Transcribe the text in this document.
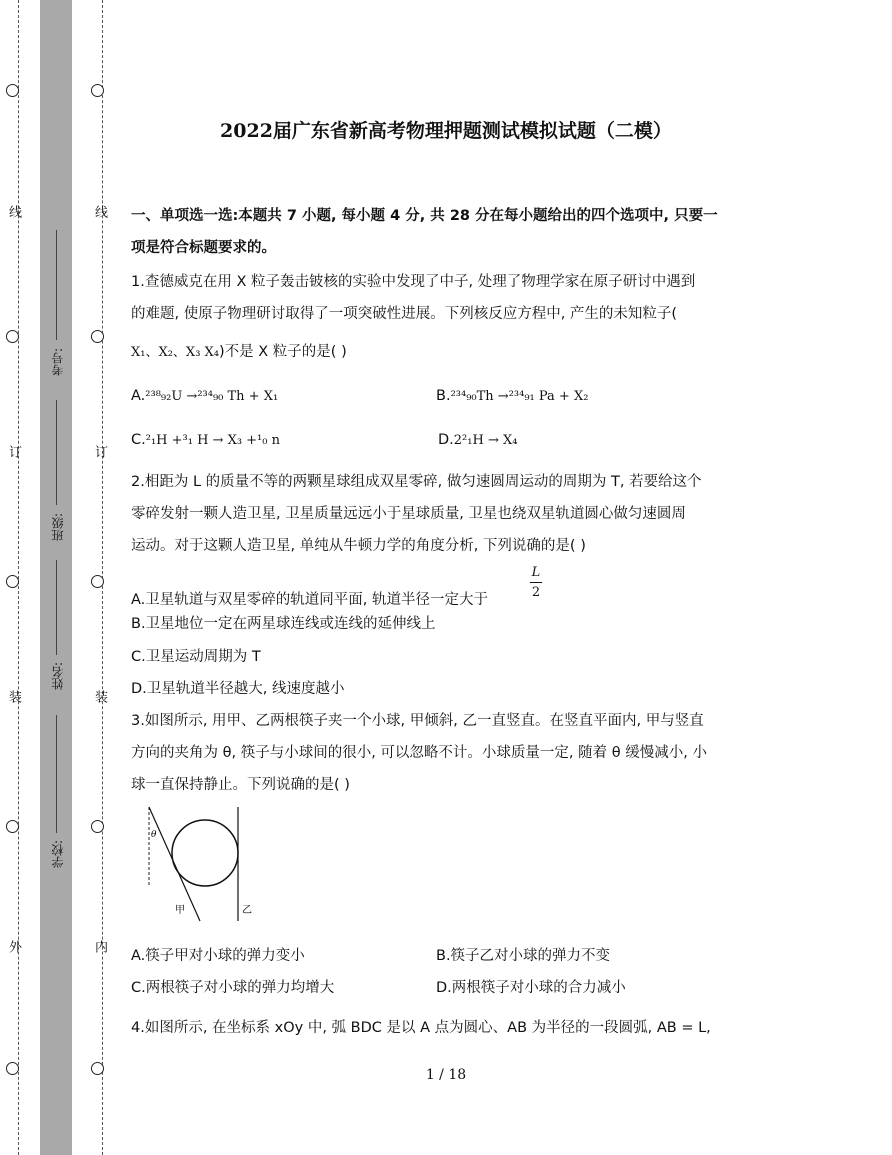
线
订
装
外
线
订
装
内
考号:
班级:
姓名:
学校:
2022届广东省新高考物理押题测试模拟试题（二模）

一、单项选一选:本题共 7 小题, 每小题 4 分, 共 28 分在每小题给出的四个选项中, 只要一

项是符合标题要求的。

1.查德威克在用 X 粒子轰击铍核的实验中发现了中子, 处理了物理学家在原子研讨中遇到

的难题, 使原子物理研讨取得了一项突破性进展。下列核反应方程中, 产生的未知粒子(

X₁、X₂、X₃ X₄)不是 X 粒子的是( )

A.²³⁸₉₂U →²³⁴₉₀ Th + X₁	B.²³⁴₉₀Th →²³⁴₉₁ Pa + X₂

C.²₁H +³₁ H → X₃ +¹₀ n	D.2²₁H → X₄

2.相距为 L 的质量不等的两颗星球组成双星零碎, 做匀速圆周运动的周期为 T, 若要给这个

零碎发射一颗人造卫星, 卫星质量远远小于星球质量, 卫星也绕双星轨道圆心做匀速圆周

运动。对于这颗人造卫星, 单纯从牛顿力学的角度分析, 下列说确的是( )

A.卫星轨道与双星零碎的轨道同平面, 轨道半径一定大于

L
2

B.卫星地位一定在两星球连线或连线的延伸线上

C.卫星运动周期为 T

D.卫星轨道半径越大, 线速度越小

3.如图所示, 用甲、乙两根筷子夹一个小球, 甲倾斜, 乙一直竖直。在竖直平面内, 甲与竖直

方向的夹角为 θ, 筷子与小球间的很小, 可以忽略不计。小球质量一定, 随着 θ 缓慢减小, 小

球一直保持静止。下列说确的是( )

θ
甲	乙

A.筷子甲对小球的弹力变小	B.筷子乙对小球的弹力不变

C.两根筷子对小球的弹力均增大	D.两根筷子对小球的合力减小

4.如图所示, 在坐标系 xOy 中, 弧 BDC 是以 A 点为圆心、AB 为半径的一段圆弧, AB = L,

1 / 18
